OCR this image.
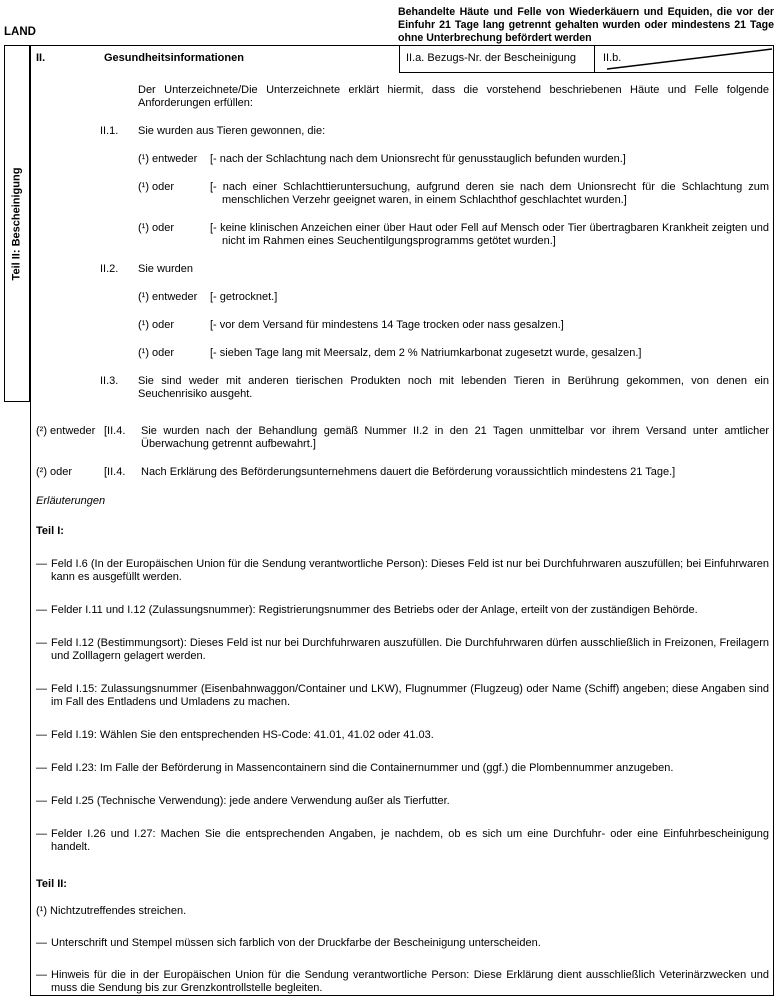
LAND
Behandelte Häute und Felle von Wiederkäuern und Equiden, die vor der Einfuhr 21 Tage lang getrennt gehalten wurden oder mindestens 21 Tage ohne Unterbrechung befördert werden
Teil II: Bescheinigung
II.	Gesundheitsinformationen	II.a. Bezugs-Nr. der Bescheinigung	II.b.
Der Unterzeichnete/Die Unterzeichnete erklärt hiermit, dass die vorstehend beschriebenen Häute und Felle folgende Anforderungen erfüllen:
II.1.	Sie wurden aus Tieren gewonnen, die:
(¹) entweder	[- nach der Schlachtung nach dem Unionsrecht für genusstauglich befunden wurden.]
(¹) oder	[- nach einer Schlachttieruntersuchung, aufgrund deren sie nach dem Unionsrecht für die Schlachtung zum menschlichen Verzehr geeignet waren, in einem Schlachthof geschlachtet wurden.]
(¹) oder	[- keine klinischen Anzeichen einer über Haut oder Fell auf Mensch oder Tier übertragbaren Krankheit zeigten und nicht im Rahmen eines Seuchentilgungsprogramms getötet wurden.]
II.2.	Sie wurden
(¹) entweder	[- getrocknet.]
(¹) oder	[- vor dem Versand für mindestens 14 Tage trocken oder nass gesalzen.]
(¹) oder	[- sieben Tage lang mit Meersalz, dem 2 % Natriumkarbonat zugesetzt wurde, gesalzen.]
II.3.	Sie sind weder mit anderen tierischen Produkten noch mit lebenden Tieren in Berührung gekommen, von denen ein Seuchenrisiko ausgeht.
(²) entweder [II.4.	Sie wurden nach der Behandlung gemäß Nummer II.2 in den 21 Tagen unmittelbar vor ihrem Versand unter amtlicher Überwachung getrennt aufbewahrt.]
(²) oder	[II.4.	Nach Erklärung des Beförderungsunternehmens dauert die Beförderung voraussichtlich mindestens 21 Tage.]
Erläuterungen
Teil I:
— Feld I.6 (In der Europäischen Union für die Sendung verantwortliche Person): Dieses Feld ist nur bei Durchfuhrwaren auszufüllen; bei Einfuhrwaren kann es ausgefüllt werden.
— Felder I.11 und I.12 (Zulassungsnummer): Registrierungsnummer des Betriebs oder der Anlage, erteilt von der zuständigen Behörde.
— Feld I.12 (Bestimmungsort): Dieses Feld ist nur bei Durchfuhrwaren auszufüllen. Die Durchfuhrwaren dürfen ausschließlich in Freizonen, Freilagern und Zolllagern gelagert werden.
— Feld I.15: Zulassungsnummer (Eisenbahnwaggon/Container und LKW), Flugnummer (Flugzeug) oder Name (Schiff) angeben; diese Angaben sind im Fall des Entladens und Umladens zu machen.
— Feld I.19: Wählen Sie den entsprechenden HS-Code: 41.01, 41.02 oder 41.03.
— Feld I.23: Im Falle der Beförderung in Massencontainern sind die Containernummer und (ggf.) die Plombennummer anzugeben.
— Feld I.25 (Technische Verwendung): jede andere Verwendung außer als Tierfutter.
— Felder I.26 und I.27: Machen Sie die entsprechenden Angaben, je nachdem, ob es sich um eine Durchfuhr- oder eine Einfuhrbescheinigung handelt.
Teil II:
(¹) Nichtzutreffendes streichen.
— Unterschrift und Stempel müssen sich farblich von der Druckfarbe der Bescheinigung unterscheiden.
— Hinweis für die in der Europäischen Union für die Sendung verantwortliche Person: Diese Erklärung dient ausschließlich Veterinärzwecken und muss die Sendung bis zur Grenzkontrollstelle begleiten.
